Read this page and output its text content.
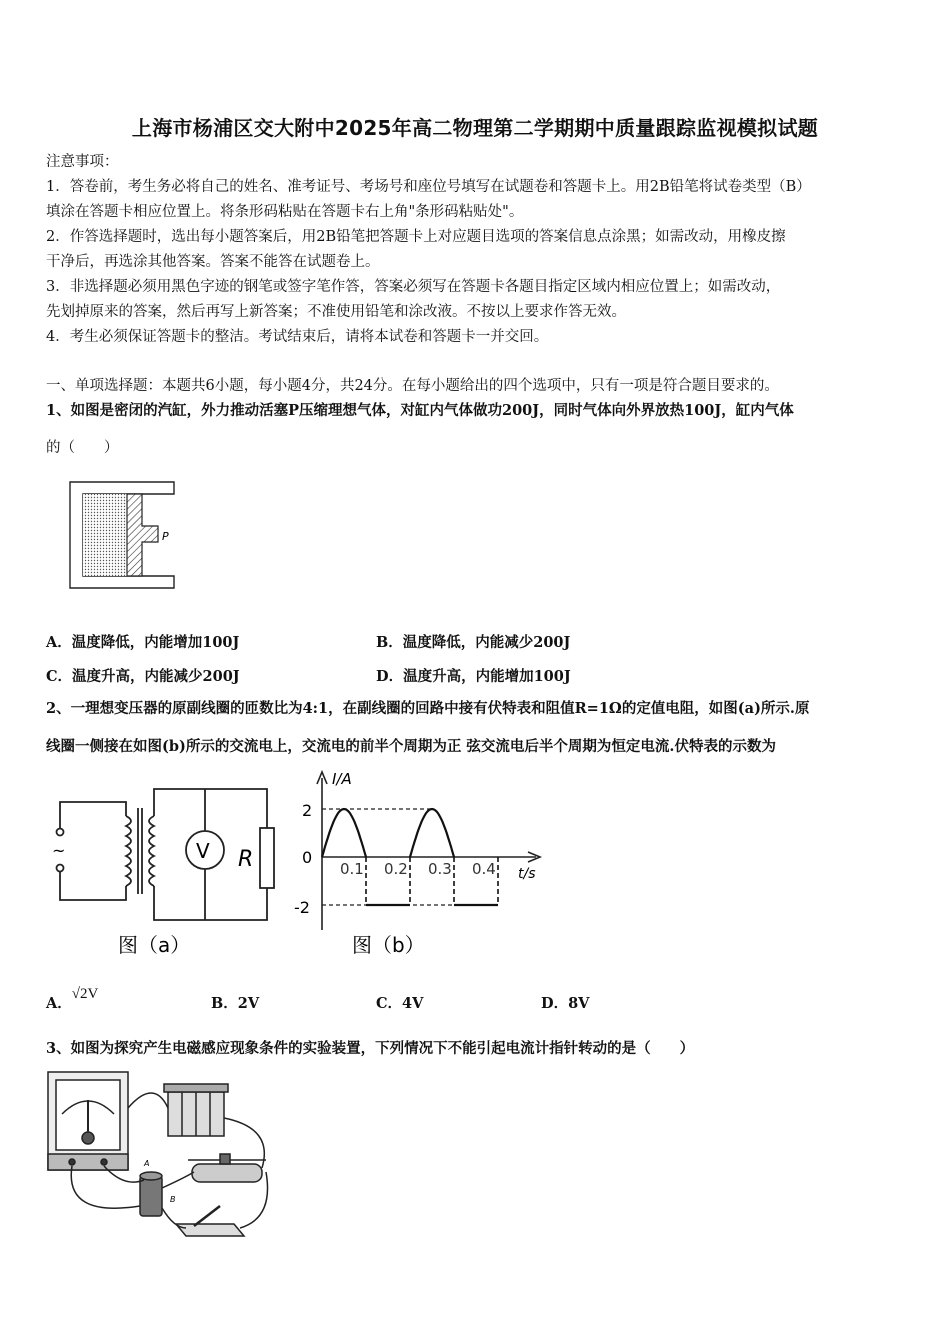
上海市杨浦区交大附中2025年高二物理第二学期期中质量跟踪监视模拟试题
注意事项：
1．答卷前，考生务必将自己的姓名、准考证号、考场号和座位号填写在试题卷和答题卡上。用2B铅笔将试卷类型（B）
填涂在答题卡相应位置上。将条形码粘贴在答题卡右上角"条形码粘贴处"。
2．作答选择题时，选出每小题答案后，用2B铅笔把答题卡上对应题目选项的答案信息点涂黑；如需改动，用橡皮擦
干净后，再选涂其他答案。答案不能答在试题卷上。
3．非选择题必须用黑色字迹的钢笔或签字笔作答，答案必须写在答题卡各题目指定区域内相应位置上；如需改动，
先划掉原来的答案，然后再写上新答案；不准使用铅笔和涂改液。不按以上要求作答无效。
4．考生必须保证答题卡的整洁。考试结束后，请将本试卷和答题卡一并交回。
一、单项选择题：本题共6小题，每小题4分，共24分。在每小题给出的四个选项中，只有一项是符合题目要求的。
1、如图是密闭的汽缸，外力推动活塞P压缩理想气体，对缸内气体做功200J，同时气体向外界放热100J，缸内气体
的（　　）
P
A．温度降低，内能增加100J	B．温度降低，内能减少200J
C．温度升高，内能减少200J	D．温度升高，内能增加100J
2、一理想变压器的原副线圈的匝数比为4:1，在副线圈的回路中接有伏特表和阻值R=1Ω的定值电阻，如图(a)所示.原
线圈一侧接在如图(b)所示的交流电上，交流电的前半个周期为正 弦交流电后半个周期为恒定电流.伏特表的示数为
~	V R
图（a）
I/A
t/s
0
2
-2
0.1 0.2 0.3 0.4
图（b）
A．√2V
B．2V	C．4V	D．8V
3、如图为探究产生电磁感应现象条件的实验装置，下列情况下不能引起电流计指针转动的是（　　）
A
B
